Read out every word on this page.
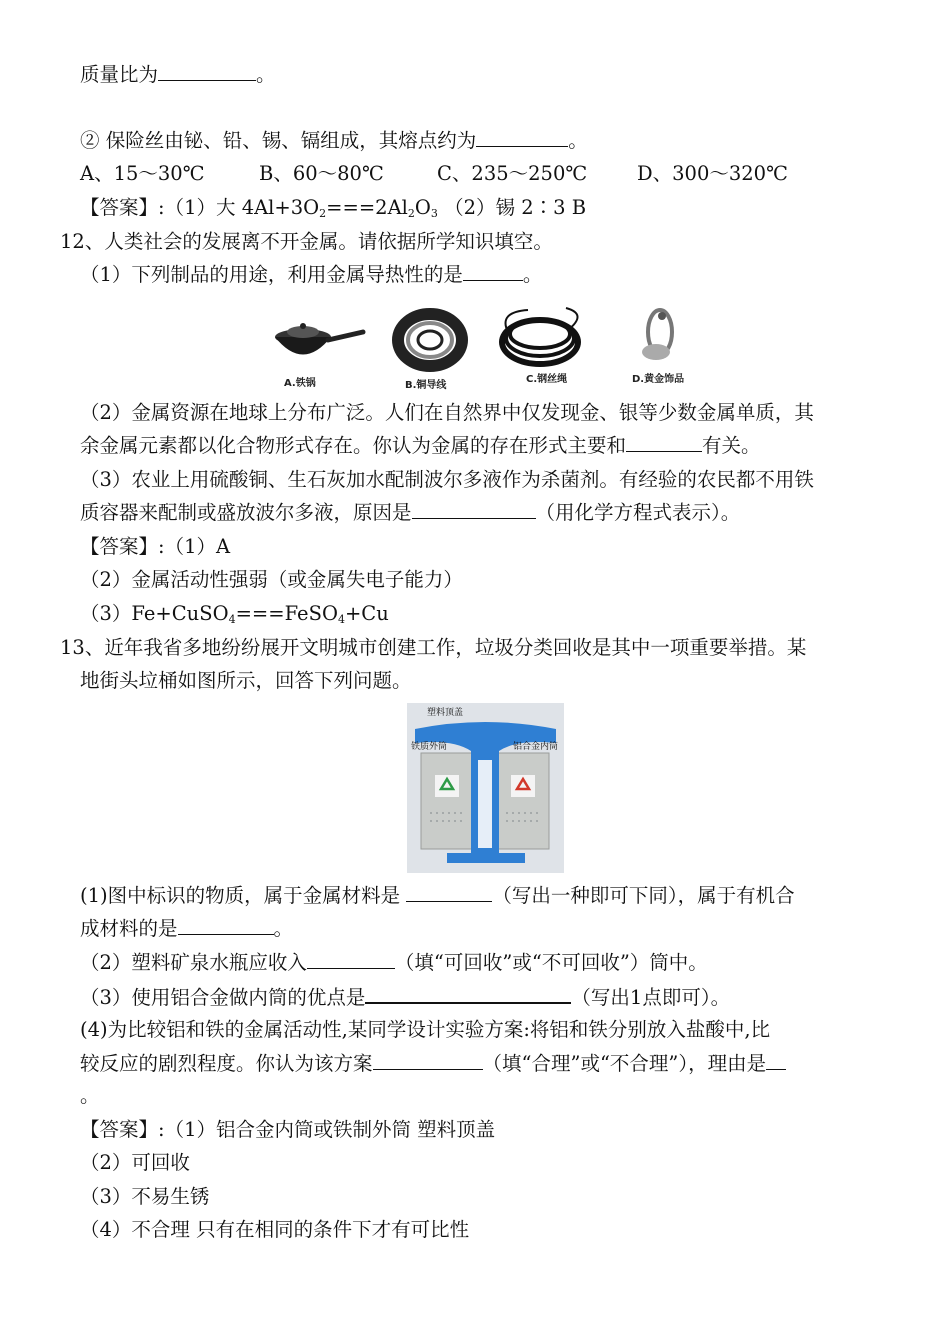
质量比为	。
② 保险丝由铋、铅、锡、镉组成，其熔点约为	。
A、15～30℃	B、60～80℃	C、235～250℃	D、300～320℃
【答案】:（1）大 $4Al+3O_2===2Al_2O_3$ （2）锡 2∶3 B
12、人类社会的发展离不开金属。请依据所学知识填空。
（1）下列制品的用途，利用金属导热性的是	。
A.铁锅	B.铜导线
C.钢丝绳	D.黄金饰品
（2）金属资源在地球上分布广泛。人们在自然界中仅发现金、银等少数金属单质，其
余金属元素都以化合物形式存在。你认为金属的存在形式主要和	有关。
（3）农业上用硫酸铜、生石灰加水配制波尔多液作为杀菌剂。有经验的农民都不用铁
质容器来配制或盛放波尔多液，原因是	（用化学方程式表示）。
【答案】:（1）A
（2）金属活动性强弱（或金属失电子能力）
（3）Fe+CuSO$_4$===FeSO$_4$+Cu
13、近年我省多地纷纷展开文明城市创建工作，垃圾分类回收是其中一项重要举措。某
地街头垃桶如图所示，回答下列问题。
塑料顶盖
铁质外筒	铝合金内筒
(1)图中标识的物质，属于金属材料是	（写出一种即可下同），属于有机合
成材料的是	。
（2）塑料矿泉水瓶应收入	（填“可回收”或“不可回收”）筒中。
（3）使用铝合金做内筒的优点是	（写出1点即可）。
(4)为比较铝和铁的金属活动性,某同学设计实验方案:将铝和铁分别放入盐酸中,比
较反应的剧烈程度。你认为该方案	（填“合理”或“不合理”），理由是
。
【答案】:（1）铝合金内筒或铁制外筒 塑料顶盖
（2）可回收
（3）不易生锈
（4）不合理 只有在相同的条件下才有可比性
